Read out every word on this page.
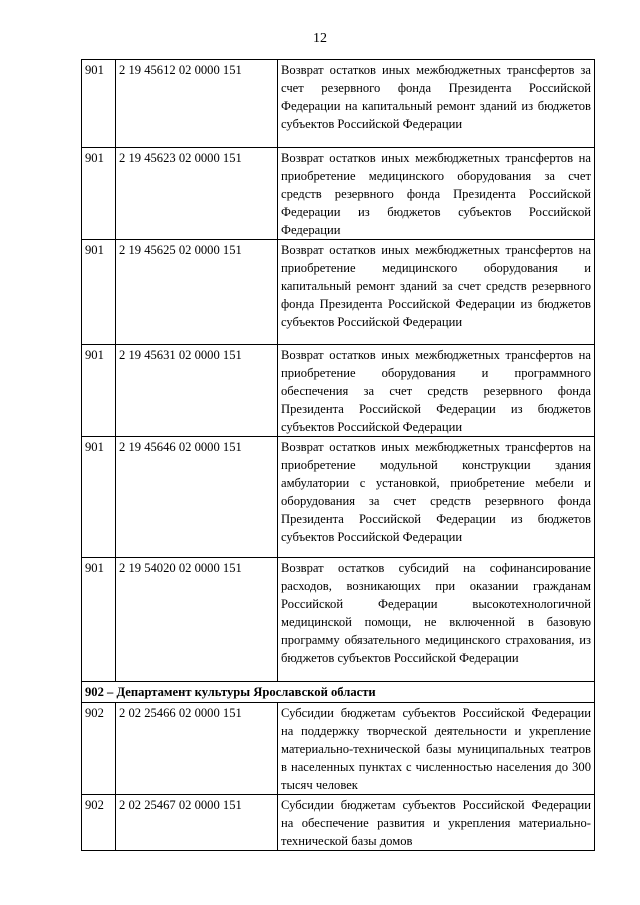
12
901	2 19 45612 02 0000 151	Возврат остатков иных межбюджетных трансфертов за счет резервного фонда Президента Российской Федерации на капитальный ремонт зданий из бюджетов субъектов Российской Федерации
901	2 19 45623 02 0000 151	Возврат остатков иных межбюджетных трансфертов на приобретение медицинского оборудования за счет средств резервного фонда Президента Российской Федерации из бюджетов субъектов Российской Федерации
901	2 19 45625 02 0000 151	Возврат остатков иных межбюджетных трансфертов на приобретение медицинского оборудования и капитальный ремонт зданий за счет средств резервного фонда Президента Российской Федерации из бюджетов субъектов Российской Федерации
901	2 19 45631 02 0000 151	Возврат остатков иных межбюджетных трансфертов на приобретение оборудования и программного обеспечения за счет средств резервного фонда Президента Российской Федерации из бюджетов субъектов Российской Федерации
901	2 19 45646 02 0000 151	Возврат остатков иных межбюджетных трансфертов на приобретение модульной конструкции здания амбулатории с установкой, приобретение мебели и оборудования за счет средств резервного фонда Президента Российской Федерации из бюджетов субъектов Российской Федерации
901	2 19 54020 02 0000 151	Возврат остатков субсидий на софинансирование расходов, возникающих при оказании гражданам Российской Федерации высокотехнологичной медицинской помощи, не включенной в базовую программу обязательного медицинского страхования, из бюджетов субъектов Российской Федерации
902 – Департамент культуры Ярославской области		
902	2 02 25466 02 0000 151	Субсидии бюджетам субъектов Российской Федерации на поддержку творческой деятельности и укрепление материально-технической базы муниципальных театров в населенных пунктах с численностью населения до 300 тысяч человек
902	2 02 25467 02 0000 151	Субсидии бюджетам субъектов Российской Федерации на обеспечение развития и укрепления материально-технической базы домов
